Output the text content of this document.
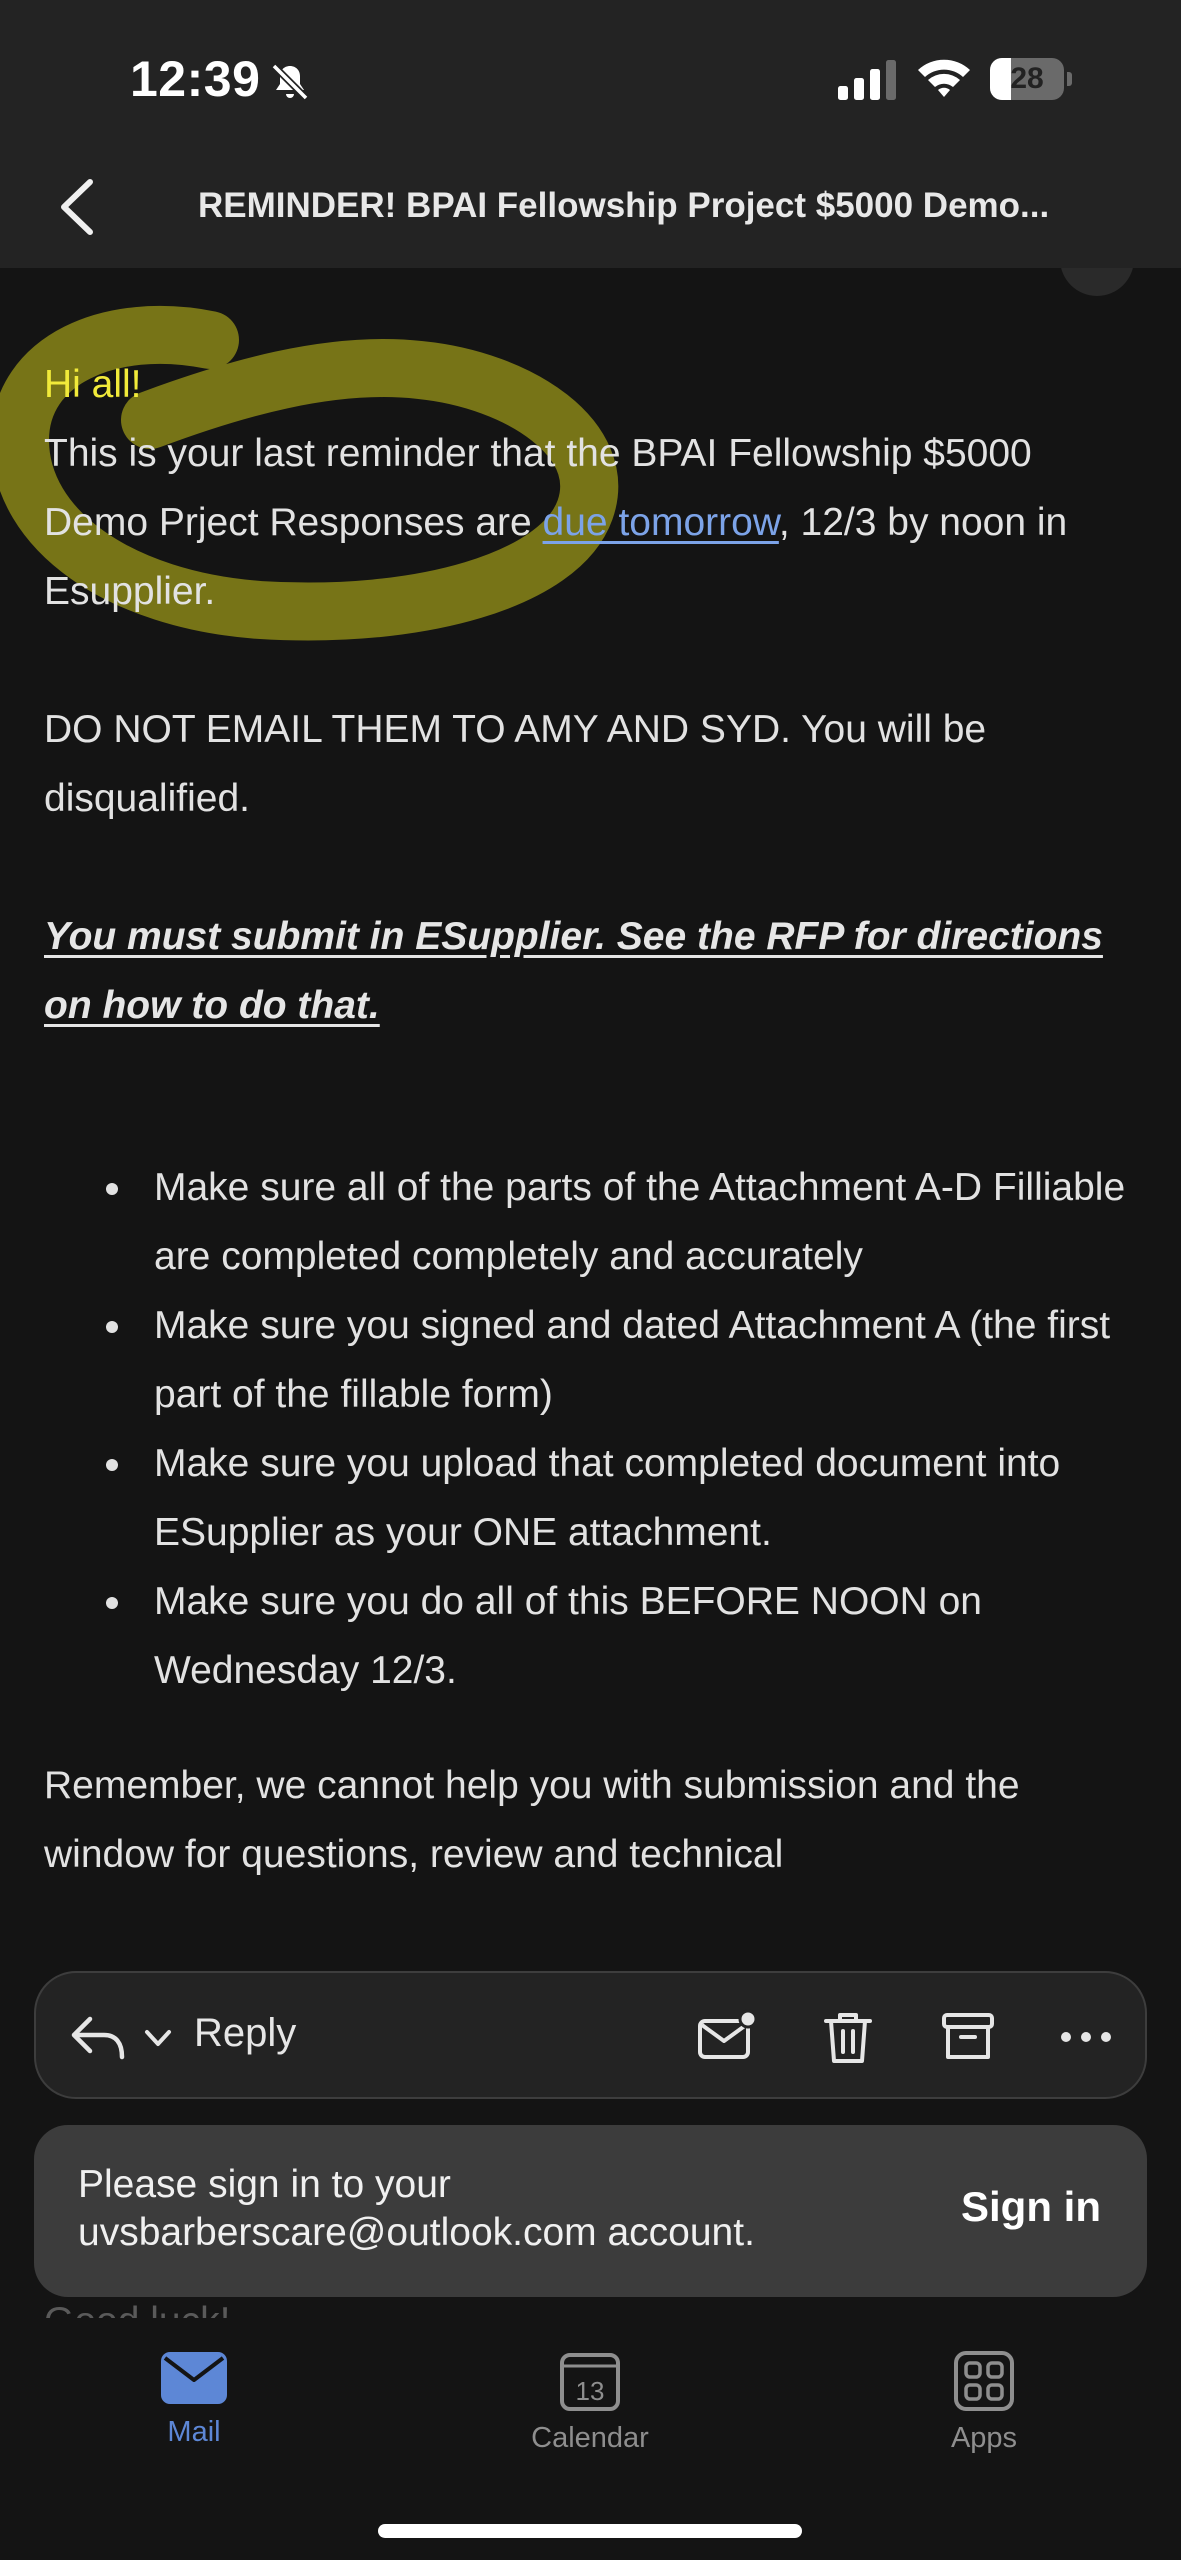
12:39	28
REMINDER! BPAI Fellowship Project $5000 Demo...

Hi all!

This is your last reminder that the BPAI Fellowship $5000 Demo Prject Responses are due tomorrow, 12/3 by noon in Esupplier.

DO NOT EMAIL THEM TO AMY AND SYD. You will be disqualified.

You must submit in ESupplier. See the RFP for directions on how to do that.

Make sure all of the parts of the Attachment A-D Filliable are completed completely and accurately
Make sure you signed and dated Attachment A (the first part of the fillable form)
Make sure you upload that completed document into ESupplier as your ONE attachment.
Make sure you do all of this BEFORE NOON on Wednesday 12/3.

Remember, we cannot help you with submission and the window for questions, review and technical

Reply
Please sign in to your uvsbarberscare@outlook.com account.
Sign in
Mail
13
Calendar	Apps
